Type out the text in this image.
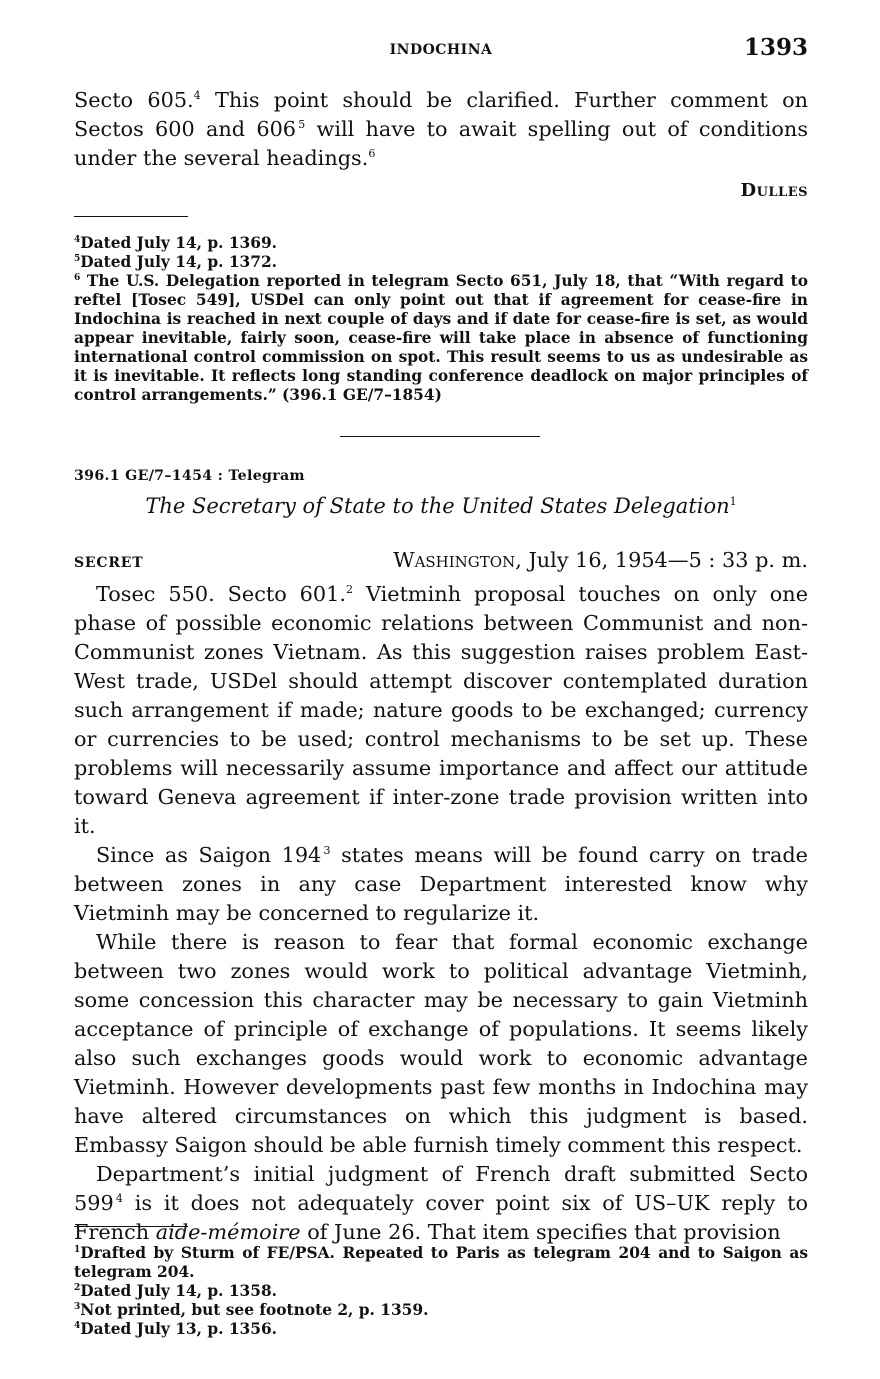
INDOCHINA	1393

Secto 605.$^4$ This point should be clarified. Further comment on Sectos 600 and 606  $^5$ will have to await spelling out of conditions under the several headings.$^6$

Dulles

$^4$Dated July 14, p. 1369.

$^5$Dated July 14, p. 1372.

$^6$ The U.S. Delegation reported in telegram Secto 651, July 18, that “With regard to reftel [Tosec 549], USDel can only point out that if agreement for cease-fire in Indochina is reached in next couple of days and if date for cease-fire is set, as would appear inevitable, fairly soon, cease-fire will take place in absence of functioning international control commission on spot. This result seems to us as undesirable as it is inevitable. It reflects long standing conference deadlock on major principles of control arrangements.” (396.1 GE/7–1854)

396.1 GE/7–1454 : Telegram
The Secretary of State to the United States Delegation$^1$
SECRET	Washington, July 16, 1954—5 : 33 p. m.

Tosec 550. Secto 601.$^2$ Vietminh proposal touches on only one phase of possible economic relations between Communist and non-Communist zones Vietnam. As this suggestion raises problem East-West trade, USDel should attempt discover contemplated duration such arrangement if made; nature goods to be exchanged; currency or currencies to be used; control mechanisms to be set up. These problems will necessarily assume importance and affect our attitude toward Geneva agreement if inter-zone trade provision written into it.

Since as Saigon 194  $^3$ states means will be found carry on trade between zones in any case Department interested know why Vietminh may be concerned to regularize it.

While there is reason to fear that formal economic exchange between two zones would work to political advantage Vietminh, some concession this character may be necessary to gain Vietminh acceptance of principle of exchange of populations. It seems likely also such exchanges goods would work to economic advantage Vietminh. However developments past few months in Indochina may have altered circumstances on which this judgment is based. Embassy Saigon should be able furnish timely comment this respect.

Department’s initial judgment of French draft submitted Secto 599  $^4$ is it does not adequately cover point six of US–UK reply to French aide-mémoire of June 26. That item specifies that provision

$^1$Drafted by Sturm of FE/PSA. Repeated to Paris as telegram 204 and to Saigon as telegram 204.

$^2$Dated July 14, p. 1358.

$^3$Not printed, but see footnote 2, p. 1359.

$^4$Dated July 13, p. 1356.
